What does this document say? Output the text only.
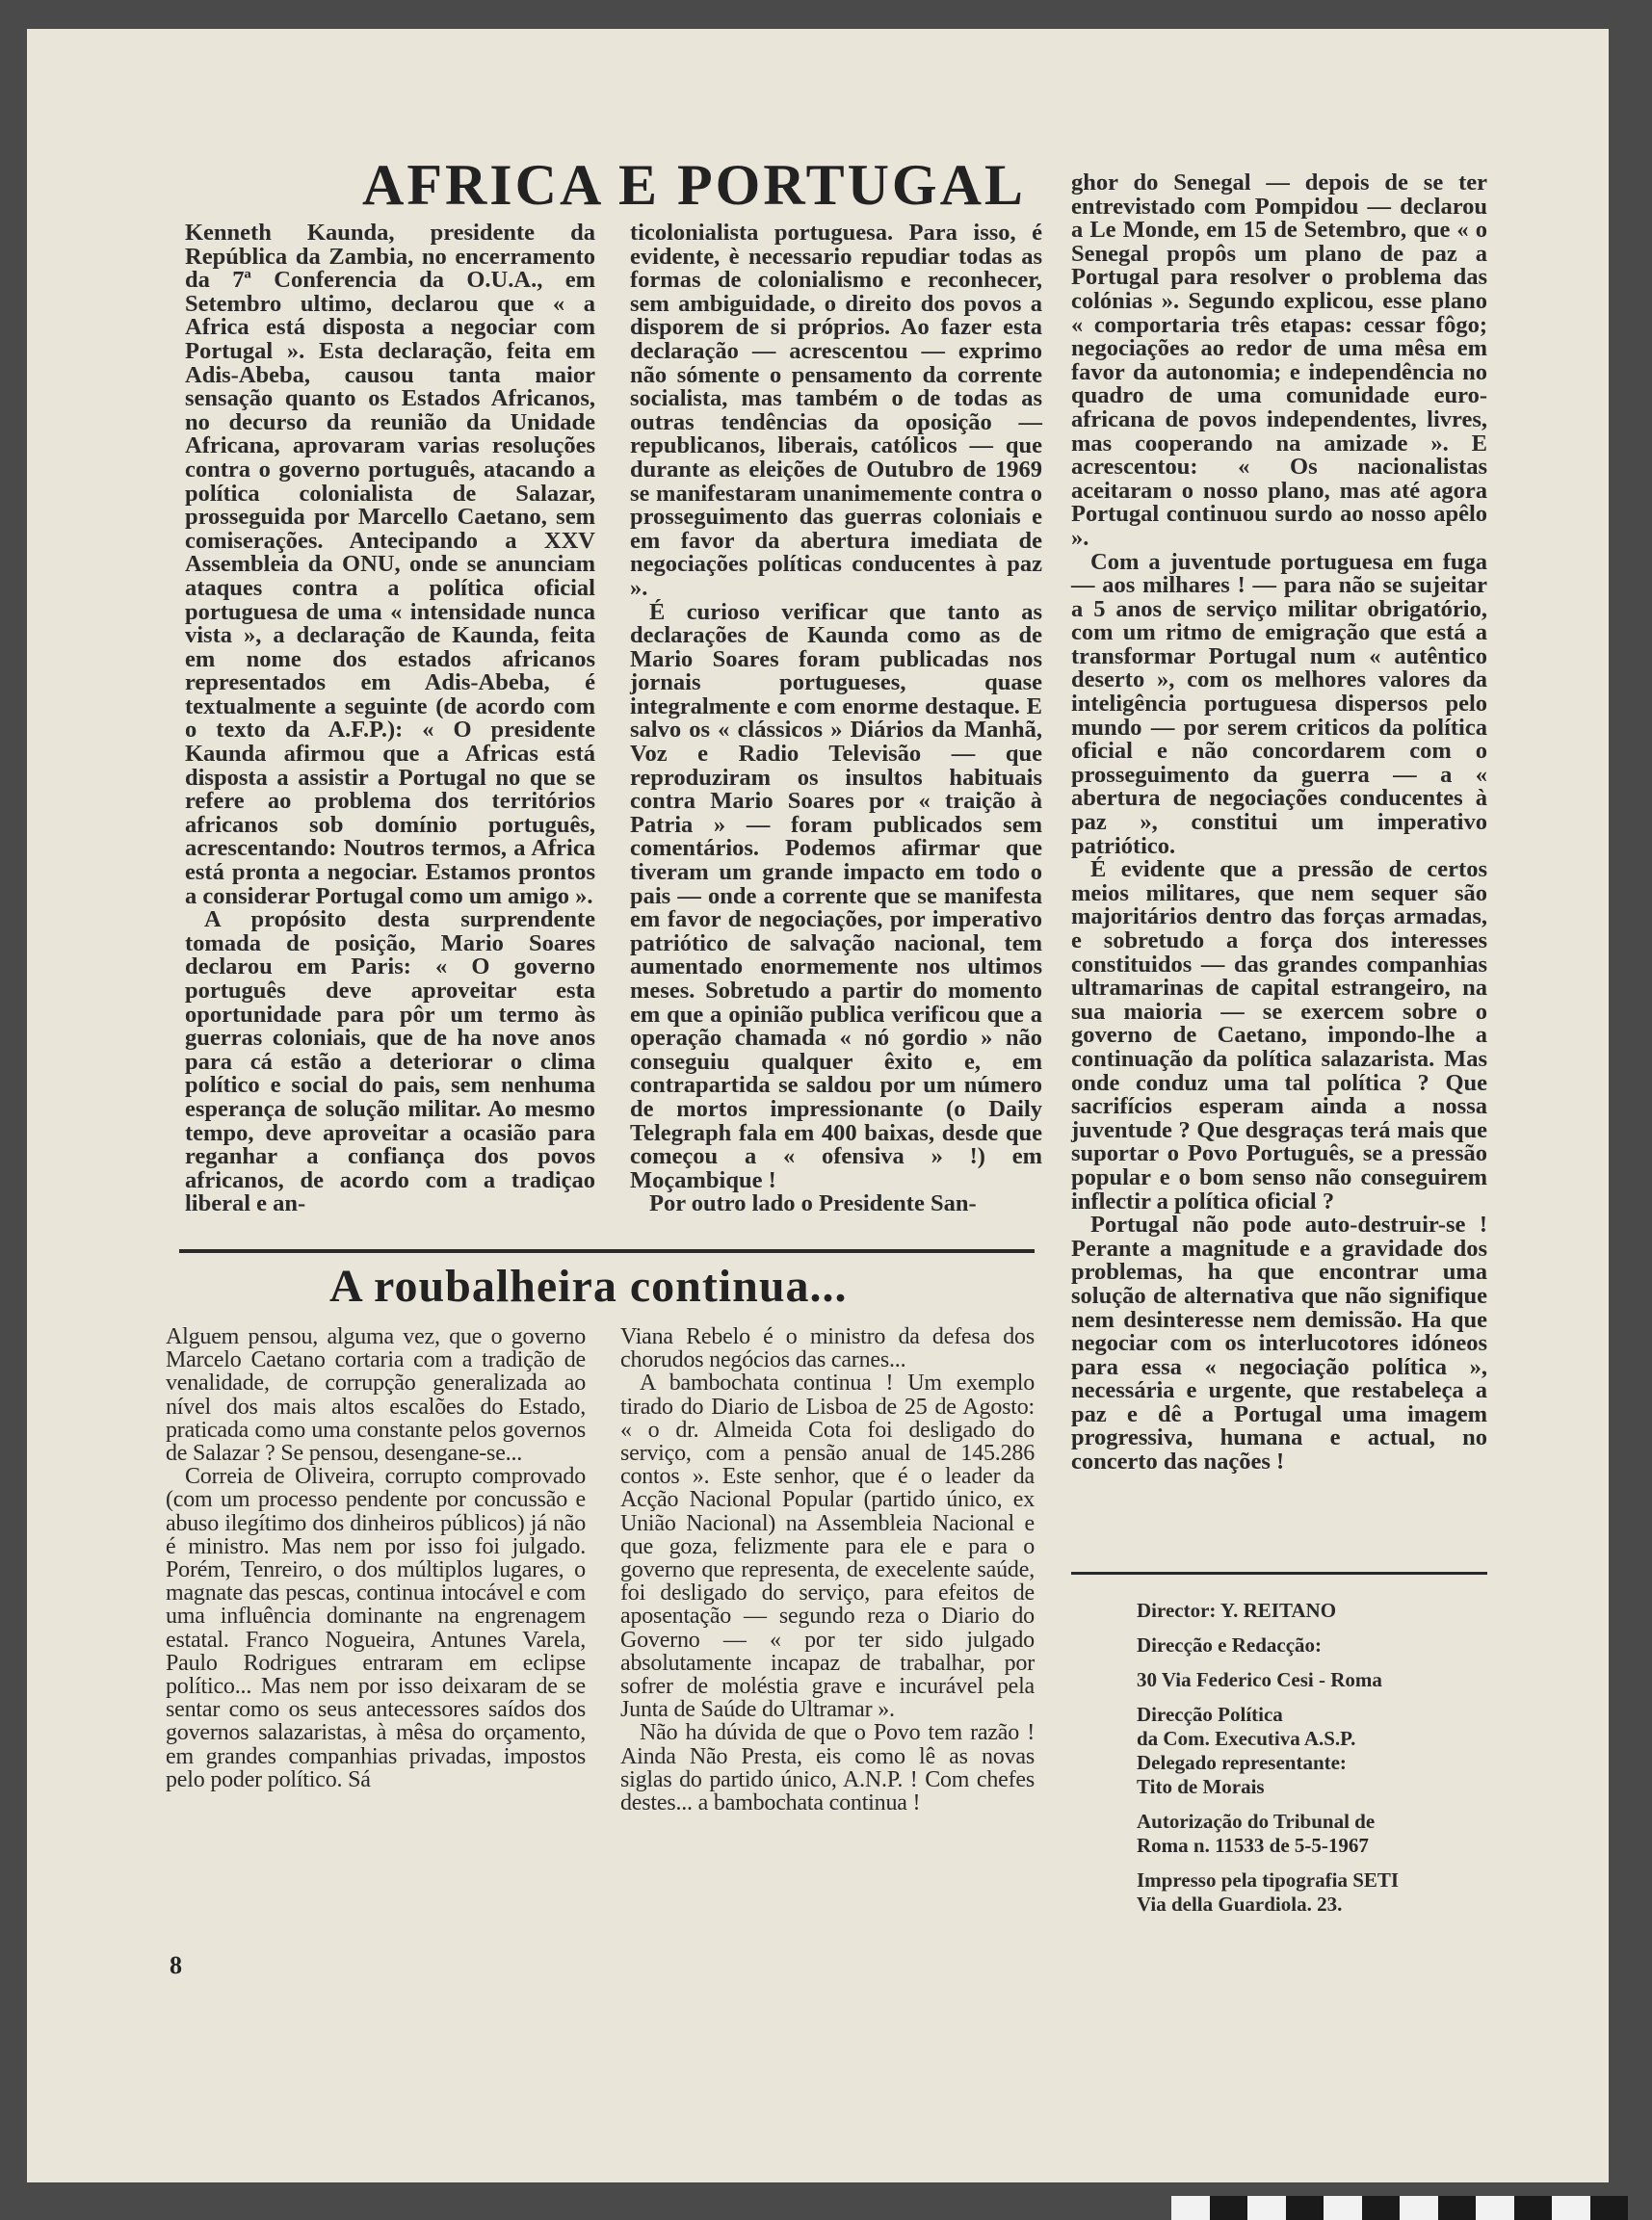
AFRICA E PORTUGAL

Kenneth Kaunda, presidente da República da Zambia, no encerramento da 7ª Conferencia da O.U.A., em Setembro ultimo, declarou que « a Africa está disposta a negociar com Portugal ». Esta declaração, feita em Adis-Abeba, causou tanta maior sensação quanto os Estados Africanos, no decurso da reunião da Unidade Africana, aprovaram varias resoluções contra o governo português, atacando a política colonialista de Salazar, prosseguida por Marcello Caetano, sem comiserações. Antecipando a XXV Assembleia da ONU, onde se anunciam ataques contra a política oficial portuguesa de uma « intensidade nunca vista », a declaração de Kaunda, feita em nome dos estados africanos representados em Adis-Abeba, é textualmente a seguinte (de acordo com o texto da A.F.P.): « O presidente Kaunda afirmou que a Africas está disposta a assistir a Portugal no que se refere ao problema dos territórios africanos sob domínio português, acrescentando: Noutros termos, a Africa está pronta a negociar. Estamos prontos a considerar Portugal como um amigo ».

A propósito desta surprendente tomada de posição, Mario Soares declarou em Paris: « O governo português deve aproveitar esta oportunidade para pôr um termo às guerras coloniais, que de ha nove anos para cá estão a deteriorar o clima político e social do pais, sem nenhuma esperança de solução militar. Ao mesmo tempo, deve aproveitar a ocasião para reganhar a confiança dos povos africanos, de acordo com a tradiçao liberal e an-

ticolonialista portuguesa. Para isso, é evidente, è necessario repudiar todas as formas de colonialismo e reconhecer, sem ambiguidade, o direito dos povos a disporem de si próprios. Ao fazer esta declaração — acrescentou — exprimo não sómente o pensamento da corrente socialista, mas também o de todas as outras tendências da oposição — republicanos, liberais, católicos — que durante as eleições de Outubro de 1969 se manifestaram unanimemente contra o prosseguimento das guerras coloniais e em favor da abertura imediata de negociações políticas conducentes à paz ».

É curioso verificar que tanto as declarações de Kaunda como as de Mario Soares foram publicadas nos jornais portugueses, quase integralmente e com enorme destaque. E salvo os « clássicos » Diários da Manhã, Voz e Radio Televisão — que reproduziram os insultos habituais contra Mario Soares por « traição à Patria » — foram publicados sem comentários. Podemos afirmar que tiveram um grande impacto em todo o pais — onde a corrente que se manifesta em favor de negociações, por imperativo patriótico de salvação nacional, tem aumentado enormemente nos ultimos meses. Sobretudo a partir do momento em que a opinião publica verificou que a operação chamada « nó gordio » não conseguiu qualquer êxito e, em contrapartida se saldou por um número de mortos impressionante (o Daily Telegraph fala em 400 baixas, desde que começou a « ofensiva » !) em Moçambique !

Por outro lado o Presidente San-

ghor do Senegal — depois de se ter entrevistado com Pompidou — declarou a Le Monde, em 15 de Setembro, que « o Senegal propôs um plano de paz a Portugal para resolver o problema das colónias ». Segundo explicou, esse plano « comportaria três etapas: cessar fôgo; negociações ao redor de uma mêsa em favor da autonomia; e independência no quadro de uma comunidade euro-africana de povos independentes, livres, mas cooperando na amizade ». E acrescentou: « Os nacionalistas aceitaram o nosso plano, mas até agora Portugal continuou surdo ao nosso apêlo ».

Com a juventude portuguesa em fuga — aos milhares ! — para não se sujeitar a 5 anos de serviço militar obrigatório, com um ritmo de emigração que está a transformar Portugal num « autêntico deserto », com os melhores valores da inteligência portuguesa dispersos pelo mundo — por serem criticos da política oficial e não concordarem com o prosseguimento da guerra — a « abertura de negociações conducentes à paz », constitui um imperativo patriótico.

É evidente que a pressão de certos meios militares, que nem sequer são majoritários dentro das forças armadas, e sobretudo a força dos interesses constituidos — das grandes companhias ultramarinas de capital estrangeiro, na sua maioria — se exercem sobre o governo de Caetano, impondo-lhe a continuação da política salazarista. Mas onde conduz uma tal política ? Que sacrifícios esperam ainda a nossa juventude ? Que desgraças terá mais que suportar o Povo Português, se a pressão popular e o bom senso não conseguirem inflectir a política oficial ?

Portugal não pode auto-destruir-se ! Perante a magnitude e a gravidade dos problemas, ha que encontrar uma solução de alternativa que não signifique nem desinteresse nem demissão. Ha que negociar com os interlucotores idóneos para essa « negociação política », necessária e urgente, que restabeleça a paz e dê a Portugal uma imagem progressiva, humana e actual, no concerto das nações !

A roubalheira continua...

Alguem pensou, alguma vez, que o governo Marcelo Caetano cortaria com a tradição de venalidade, de corrupção generalizada ao nível dos mais altos escalões do Estado, praticada como uma constante pelos governos de Salazar ? Se pensou, desengane-se...

Correia de Oliveira, corrupto comprovado (com um processo pendente por concussão e abuso ilegítimo dos dinheiros públicos) já não é ministro. Mas nem por isso foi julgado. Porém, Tenreiro, o dos múltiplos lugares, o magnate das pescas, continua intocável e com uma influência dominante na engrenagem estatal. Franco Nogueira, Antunes Varela, Paulo Rodrigues entraram em eclipse político... Mas nem por isso deixaram de se sentar como os seus antecessores saídos dos governos salazaristas, à mêsa do orçamento, em grandes companhias privadas, impostos pelo poder político. Sá

Viana Rebelo é o ministro da defesa dos chorudos negócios das carnes...

A bambochata continua ! Um exemplo tirado do Diario de Lisboa de 25 de Agosto: « o dr. Almeida Cota foi desligado do serviço, com a pensão anual de 145.286 contos ». Este senhor, que é o leader da Acção Nacional Popular (partido único, ex União Nacional) na Assembleia Nacional e que goza, felizmente para ele e para o governo que representa, de execelente saúde, foi desligado do serviço, para efeitos de aposentação — segundo reza o Diario do Governo — « por ter sido julgado absolutamente incapaz de trabalhar, por sofrer de moléstia grave e incurável pela Junta de Saúde do Ultramar ».

Não ha dúvida de que o Povo tem razão ! Ainda Não Presta, eis como lê as novas siglas do partido único, A.N.P. ! Com chefes destes... a bambochata continua !

Director: Y. REITANO
Direcção e Redacção:
30 Via Federico Cesi - Roma
Direcção Política
da Com. Executiva A.S.P.
Delegado representante:
Tito de Morais
Autorização do Tribunal de
Roma n. 11533 de 5-5-1967
Impresso pela tipografia SETI
Via della Guardiola. 23.
8
